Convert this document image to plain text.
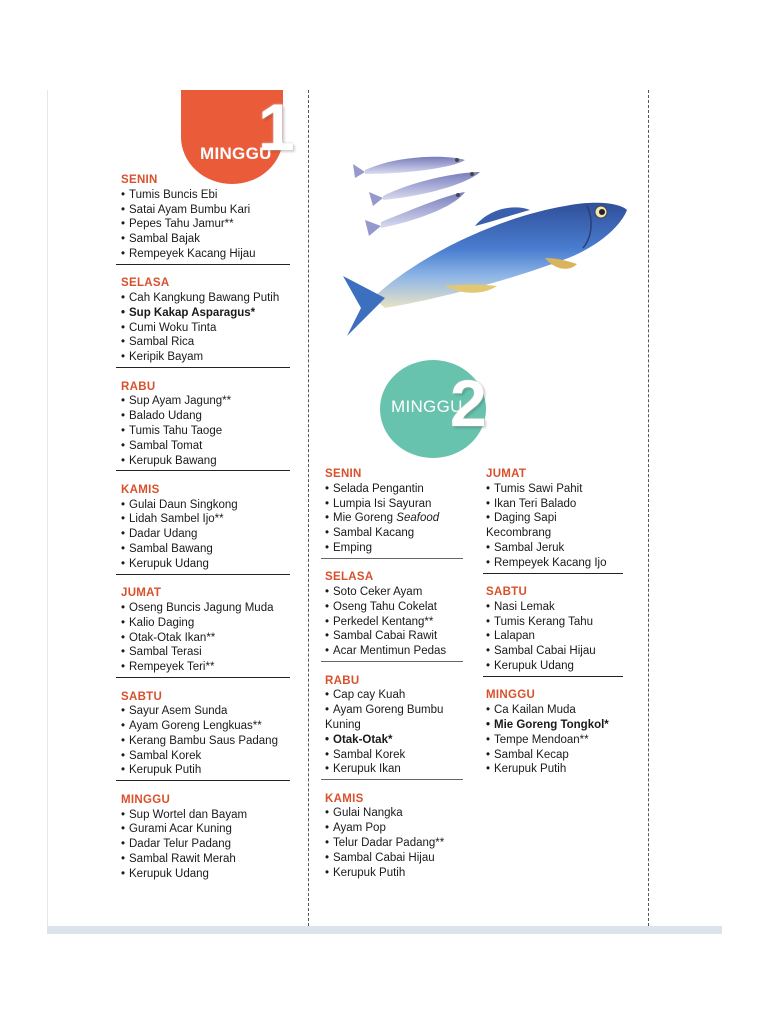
MINGGU
1
MINGGU
2
SENIN
• Tumis Buncis Ebi
• Satai Ayam Bumbu Kari
• Pepes Tahu Jamur**
• Sambal Bajak
• Rempeyek Kacang Hijau
SELASA
• Cah Kangkung Bawang Putih
• Sup Kakap Asparagus*
• Cumi Woku Tinta
• Sambal Rica
• Keripik Bayam
RABU
• Sup Ayam Jagung**
• Balado Udang
• Tumis Tahu Taoge
• Sambal Tomat
• Kerupuk Bawang
KAMIS
• Gulai Daun Singkong
• Lidah Sambel Ijo**
• Dadar Udang
• Sambal Bawang
• Kerupuk Udang
JUMAT
• Oseng Buncis Jagung Muda
• Kalio Daging
• Otak-Otak Ikan**
• Sambal Terasi
• Rempeyek Teri**
SABTU
• Sayur Asem Sunda
• Ayam Goreng Lengkuas**
• Kerang Bambu Saus Padang
• Sambal Korek
• Kerupuk Putih
MINGGU
• Sup Wortel dan Bayam
• Gurami Acar Kuning
• Dadar Telur Padang
• Sambal Rawit Merah
• Kerupuk Udang
SENIN
• Selada Pengantin
• Lumpia Isi Sayuran
• Mie Goreng Seafood
• Sambal Kacang
• Emping
SELASA
• Soto Ceker Ayam
• Oseng Tahu Cokelat
• Perkedel Kentang**
• Sambal Cabai Rawit
• Acar Mentimun Pedas
RABU
• Cap cay Kuah
• Ayam Goreng Bumbu
Kuning
• Otak-Otak*
• Sambal Korek
• Kerupuk Ikan
KAMIS
• Gulai Nangka
• Ayam Pop
• Telur Dadar Padang**
• Sambal Cabai Hijau
• Kerupuk Putih
JUMAT
• Tumis Sawi Pahit
• Ikan Teri Balado
• Daging Sapi
Kecombrang
• Sambal Jeruk
• Rempeyek Kacang Ijo
SABTU
• Nasi Lemak
• Tumis Kerang Tahu
• Lalapan
• Sambal Cabai Hijau
• Kerupuk Udang
MINGGU
• Ca Kailan Muda
• Mie Goreng Tongkol*
• Tempe Mendoan**
• Sambal Kecap
• Kerupuk Putih
